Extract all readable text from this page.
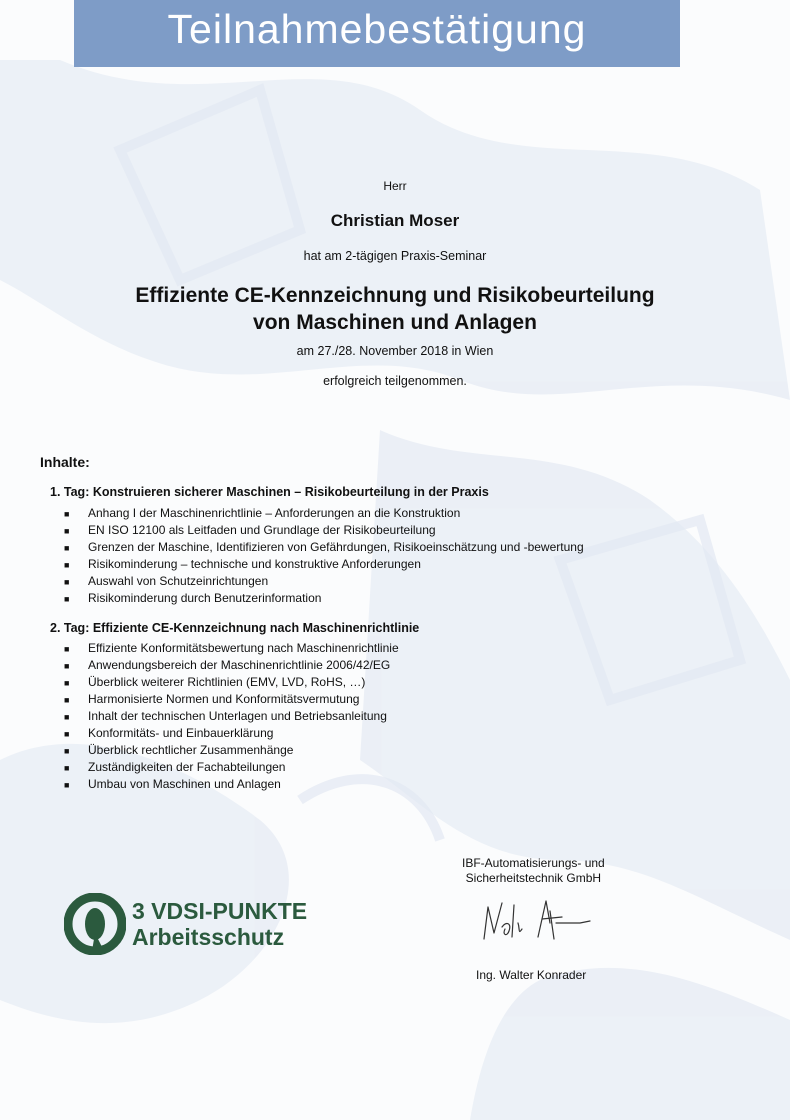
Teilnahmebestätigung
Herr
Christian Moser
hat am 2-tägigen Praxis-Seminar
Effiziente CE-Kennzeichnung und Risikobeurteilung
von Maschinen und Anlagen
am 27./28. November 2018 in Wien
erfolgreich teilgenommen.
Inhalte:
1. Tag: Konstruieren sicherer Maschinen – Risikobeurteilung in der Praxis
■ Anhang I der Maschinenrichtlinie – Anforderungen an die Konstruktion
■ EN ISO 12100 als Leitfaden und Grundlage der Risikobeurteilung
■ Grenzen der Maschine, Identifizieren von Gefährdungen, Risikoeinschätzung und -bewertung
■ Risikominderung – technische und konstruktive Anforderungen
■ Auswahl von Schutzeinrichtungen
■ Risikominderung durch Benutzerinformation
2. Tag: Effiziente CE-Kennzeichnung nach Maschinenrichtlinie
■ Effiziente Konformitätsbewertung nach Maschinenrichtlinie
■ Anwendungsbereich der Maschinenrichtlinie 2006/42/EG
■ Überblick weiterer Richtlinien (EMV, LVD, RoHS, …)
■ Harmonisierte Normen und Konformitätsvermutung
■ Inhalt der technischen Unterlagen und Betriebsanleitung
■ Konformitäts- und Einbauerklärung
■ Überblick rechtlicher Zusammenhänge
■ Zuständigkeiten der Fachabteilungen
■ Umbau von Maschinen und Anlagen
IBF-Automatisierungs- und
Sicherheitstechnik GmbH
Ing. Walter Konrader
3 VDSI-PUNKTE
Arbeitsschutz
